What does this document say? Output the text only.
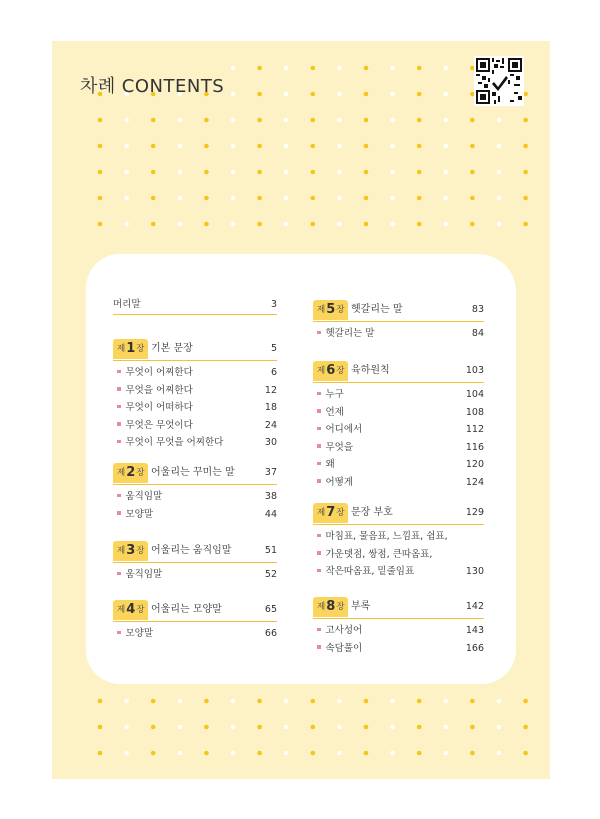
차례 CONTENTS
머리말	3
제1장 기본 문장	5
무엇이 어찌한다	6
무엇을 어찌한다	12
무엇이 어떠하다	18
무엇은 무엇이다	24
무엇이 무엇을 어찌한다	30
제2장 어울리는 꾸미는 말	37
움직임말	38
모양말	44
제3장 어울리는 움직임말	51
움직임말	52
제4장 어울리는 모양말	65
모양말	66
제5장 헷갈리는 말	83
헷갈리는 말	84
제6장 육하원칙	103
누구	104
언제	108
어디에서	112
무엇을	116
왜	120
어떻게	124
제7장 문장 부호	129
마침표, 물음표, 느낌표, 쉼표,
가운뎃점, 쌍점, 큰따옴표,
작은따옴표, 밑줄임표	130
제8장 부록	142
고사성어	143
속담풀이	166
